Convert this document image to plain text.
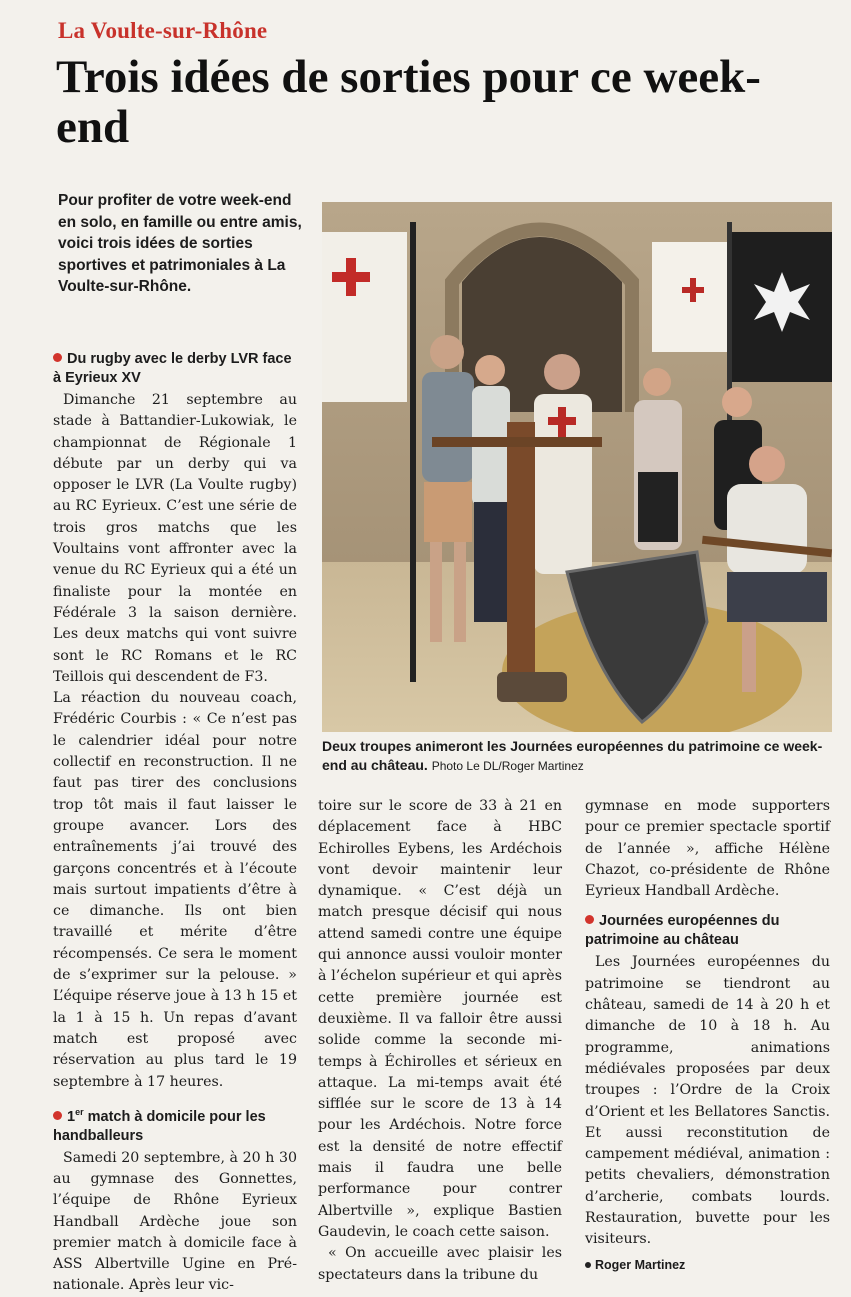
La Voulte-sur-Rhône
Trois idées de sorties pour ce week-end
Pour profiter de votre week-end en solo, en famille ou entre amis, voici trois idées de sorties sportives et patrimoniales à La Voulte-sur-Rhône.
Du rugby avec le derby LVR face à Eyrieux XV

Dimanche 21 septembre au stade à Battandier-Lukowiak, le championnat de Régionale 1 débute par un derby qui va opposer le LVR (La Voulte rugby) au RC Eyrieux. C’est une série de trois gros matchs que les Voultains vont affronter avec la venue du RC Eyrieux qui a été un finaliste pour la montée en Fédérale 3 la saison dernière. Les deux matchs qui vont suivre sont le RC Romans et le RC Teillois qui descendent de F3.

La réaction du nouveau coach, Frédéric Courbis : « Ce n’est pas le calendrier idéal pour notre collectif en reconstruction. Il ne faut pas tirer des conclusions trop tôt mais il faut laisser le groupe avancer. Lors des entraînements j’ai trouvé des garçons concentrés et à l’écoute mais surtout impatients d’être à ce dimanche. Ils ont bien travaillé et mérite d’être récompensés. Ce sera le moment de s’exprimer sur la pelouse. » L’équipe réserve joue à 13 h 15 et la 1 à 15 h. Un repas d’avant match est proposé avec réservation au plus tard le 19 septembre à 17 heures.

1er match à domicile pour les handballeurs

Samedi 20 septembre, à 20 h 30 au gymnase des Gonnettes, l’équipe de Rhône Eyrieux Handball Ardèche joue son premier match à domicile face à ASS Albertville Ugine en Pré-nationale. Après leur vic-

Deux troupes animeront les Journées européennes du patrimoine ce week-end au château. Photo Le DL/Roger Martinez

toire sur le score de 33 à 21 en déplacement face à HBC Echirolles Eybens, les Ardéchois vont devoir maintenir leur dynamique. « C’est déjà un match presque décisif qui nous attend samedi contre une équipe qui annonce aussi vouloir monter à l’échelon supérieur et qui après cette première journée est deuxième. Il va falloir être aussi solide comme la seconde mi-temps à Échirolles et sérieux en attaque. La mi-temps avait été sifflée sur le score de 13 à 14 pour les Ardéchois. Notre force est la densité de notre effectif mais il faudra une belle performance pour contrer Albertville », explique Bastien Gaudevin, le coach cette saison.

« On accueille avec plaisir les spectateurs dans la tribune du

gymnase en mode supporters pour ce premier spectacle sportif de l’année », affiche Hélène Chazot, co-présidente de Rhône Eyrieux Handball Ardèche.

Journées européennes du patrimoine au château

Les Journées européennes du patrimoine se tiendront au château, samedi de 14 à 20 h et dimanche de 10 à 18 h. Au programme, animations médiévales proposées par deux troupes : l’Ordre de la Croix d’Orient et les Bellatores Sanctis. Et aussi reconstitution de campement médiéval, animation : petits chevaliers, démonstration d’archerie, combats lourds. Restauration, buvette pour les visiteurs.

Roger Martinez
